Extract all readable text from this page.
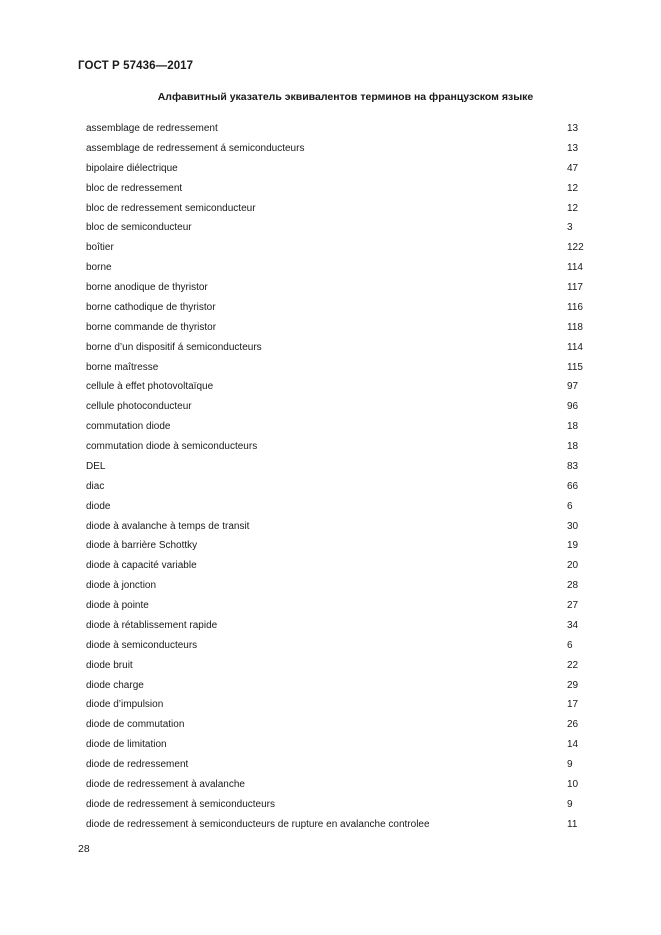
ГОСТ Р 57436—2017
Алфавитный указатель эквивалентов терминов на французском языке
assemblage de redressement	13
assemblage de redressement á semiconducteurs	13
bipolaire diélectrique	47
bloc de redressement	12
bloc de redressement semiconducteur	12
bloc de semiconducteur	3
boîtier	122
borne	114
borne anodique de thyristor	117
borne cathodique de thyristor	116
borne commande de thyristor	118
borne d’un dispositif á semiconducteurs	114
borne maîtresse	115
cellule à effet photovoltaïque	97
cellule photoconducteur	96
commutation diode	18
commutation diode à semiconducteurs	18
DEL	83
diac	66
diode	6
diode à avalanche à temps de transit	30
diode à barrière Schottky	19
diode à capacité variable	20
diode à jonction	28
diode à pointe	27
diode à rétablissement rapide	34
diode à semiconducteurs	6
diode bruit	22
diode charge	29
diode d’impulsion	17
diode de commutation	26
diode de limitation	14
diode de redressement	9
diode de redressement à avalanche	10
diode de redressement à semiconducteurs	9
diode de redressement à semiconducteurs de rupture en avalanche controlee	11
28
